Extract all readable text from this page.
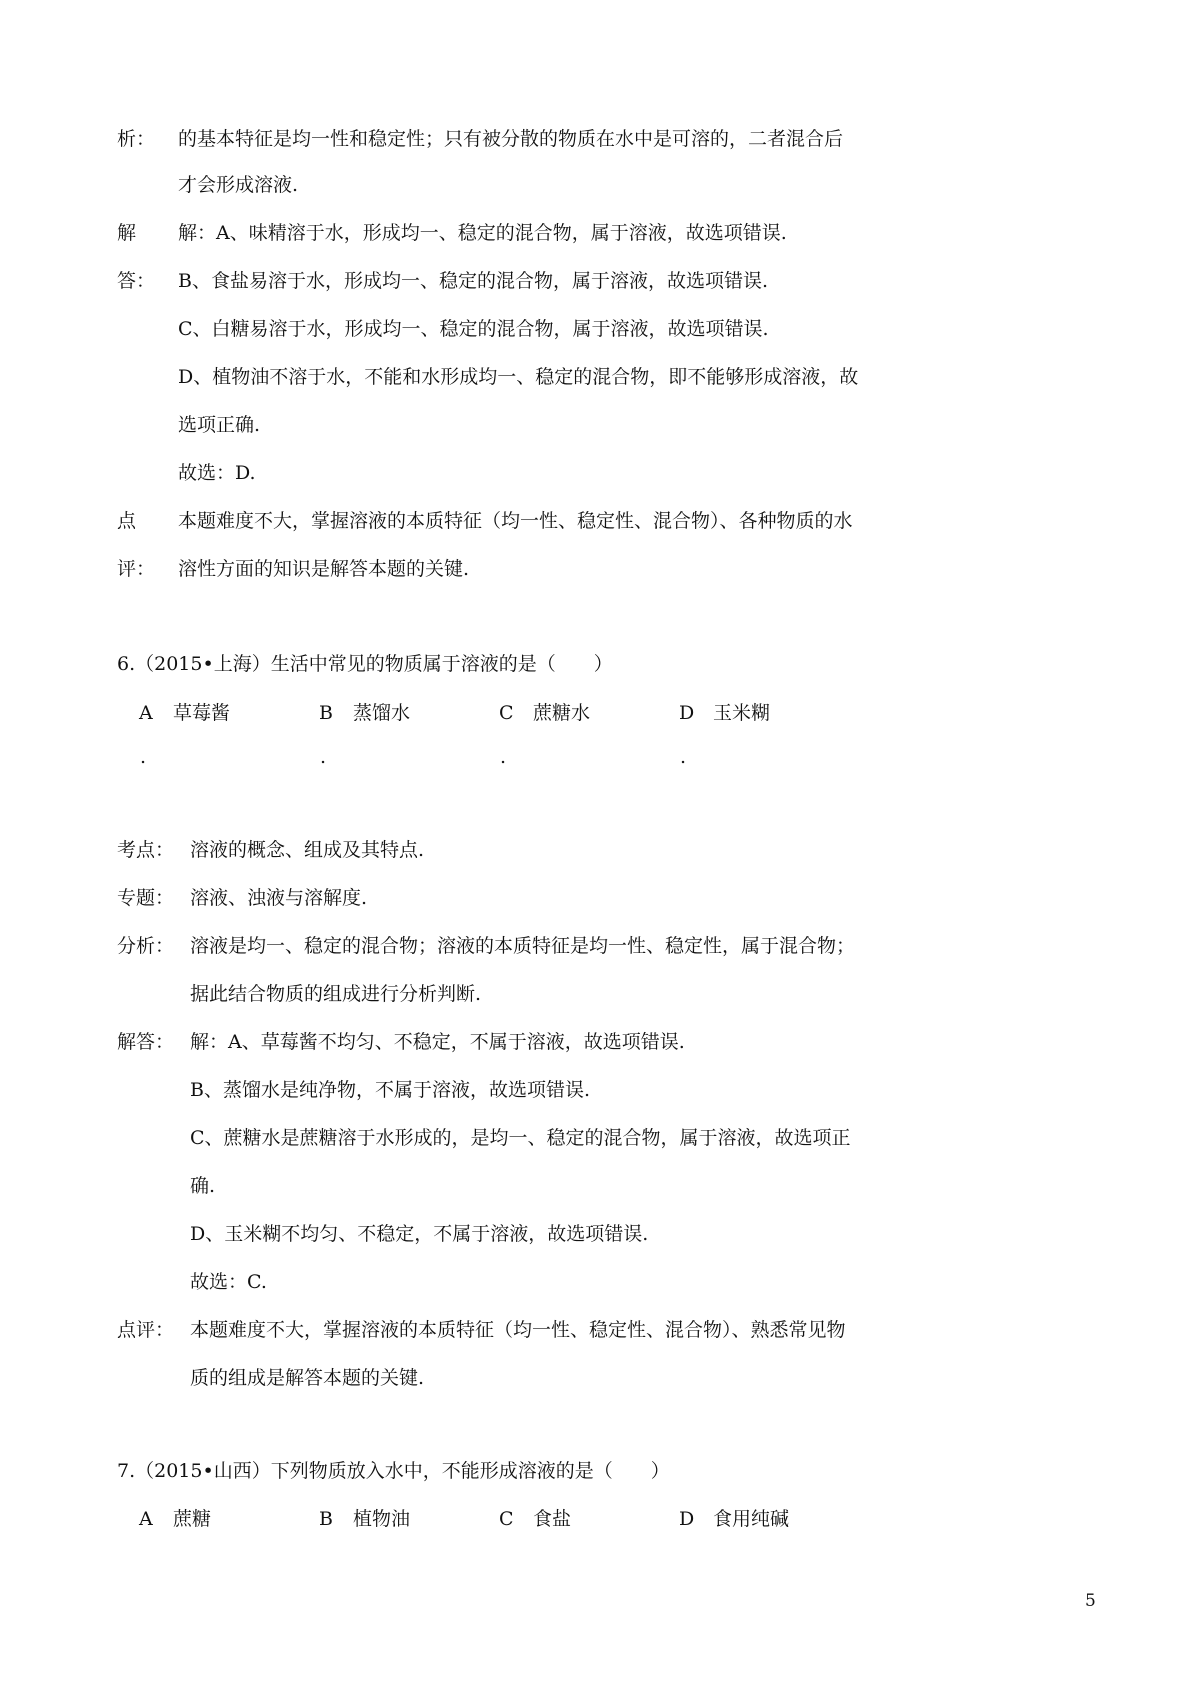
析： 的基本特征是均一性和稳定性；只有被分散的物质在水中是可溶的，二者混合后
才会形成溶液.
解
答：
解：A、味精溶于水，形成均一、稳定的混合物，属于溶液，故选项错误.
B、食盐易溶于水，形成均一、稳定的混合物，属于溶液，故选项错误.
C、白糖易溶于水，形成均一、稳定的混合物，属于溶液，故选项错误.
D、植物油不溶于水，不能和水形成均一、稳定的混合物，即不能够形成溶液，故
选项正确.
故选：D.
点
评：
本题难度不大，掌握溶液的本质特征（均一性、稳定性、混合物）、各种物质的水
溶性方面的知识是解答本题的关键.
6.（2015•上海）生活中常见的物质属于溶液的是（　　）
A 草莓酱
.
B 蒸馏水
.
C 蔗糖水
.
D 玉米糊
.
考点： 溶液的概念、组成及其特点.
专题： 溶液、浊液与溶解度.
分析： 溶液是均一、稳定的混合物；溶液的本质特征是均一性、稳定性，属于混合物；
据此结合物质的组成进行分析判断.
解答： 解：A、草莓酱不均匀、不稳定，不属于溶液，故选项错误.
B、蒸馏水是纯净物，不属于溶液，故选项错误.
C、蔗糖水是蔗糖溶于水形成的，是均一、稳定的混合物，属于溶液，故选项正
确.
D、玉米糊不均匀、不稳定，不属于溶液，故选项错误.
故选：C.
点评： 本题难度不大，掌握溶液的本质特征（均一性、稳定性、混合物）、熟悉常见物
质的组成是解答本题的关键.
7.（2015•山西）下列物质放入水中，不能形成溶液的是（　　）
A 蔗糖	B 植物油	C 食盐	D 食用纯碱
5
